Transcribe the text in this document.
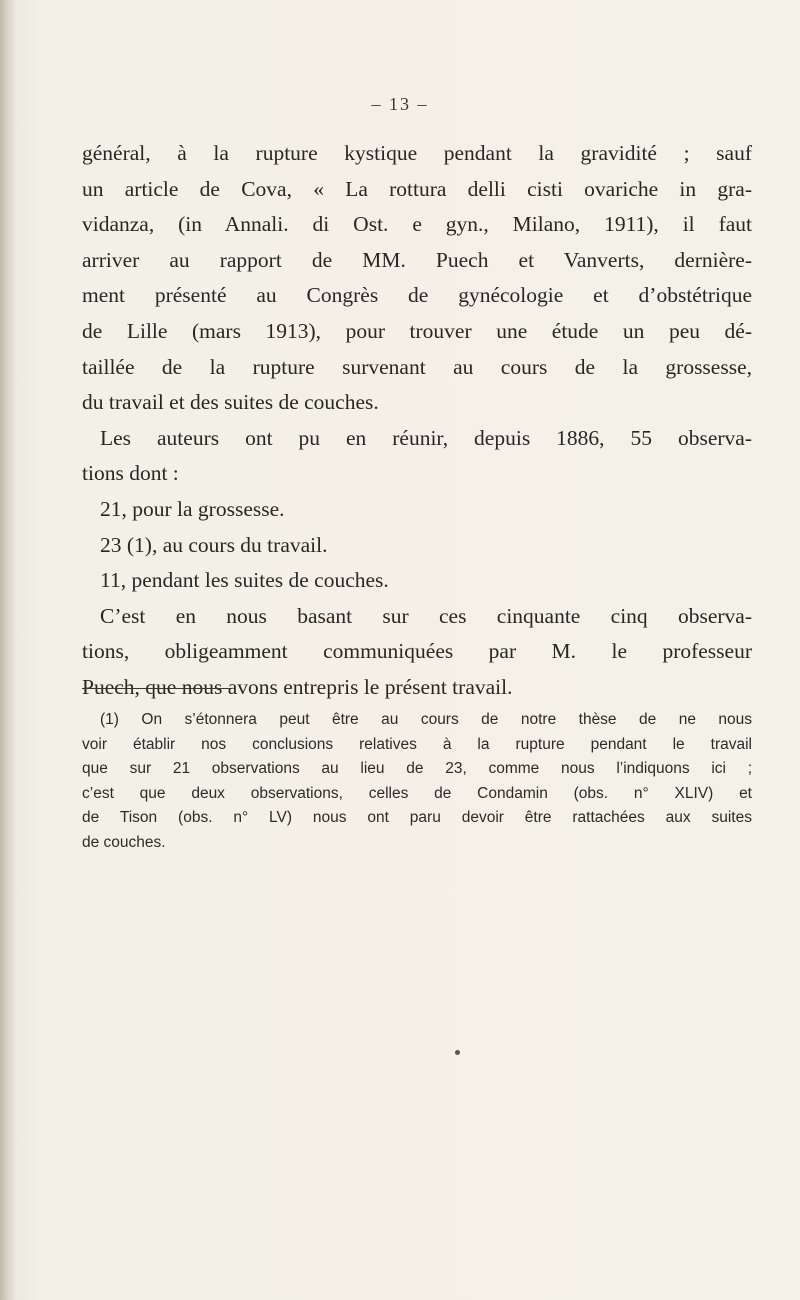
– 13 –
général, à la rupture kystique pendant la gravidité ; sauf
un article de Cova, « La rottura delli cisti ovariche in gra-
vidanza, (in Annali. di Ost. e gyn., Milano, 1911), il faut
arriver au rapport de MM. Puech et Vanverts, dernière-
ment présenté au Congrès de gynécologie et d’obstétrique
de Lille (mars 1913), pour trouver une étude un peu dé-
taillée de la rupture survenant au cours de la grossesse,
du travail et des suites de couches.
Les auteurs ont pu en réunir, depuis 1886, 55 observa-
tions dont :
21, pour la grossesse.
23 (1), au cours du travail.
11, pendant les suites de couches.
C’est en nous basant sur ces cinquante cinq observa-
tions, obligeamment communiquées par M. le professeur
Puech, que nous avons entrepris le présent travail.
(1) On s’étonnera peut être au cours de notre thèse de ne nous
voir établir nos conclusions relatives à la rupture pendant le travail
que sur 21 observations au lieu de 23, comme nous l’indiquons ici ;
c’est que deux observations, celles de Condamin (obs. n° XLIV) et
de Tison (obs. n° LV) nous ont paru devoir être rattachées aux suites
de couches.
